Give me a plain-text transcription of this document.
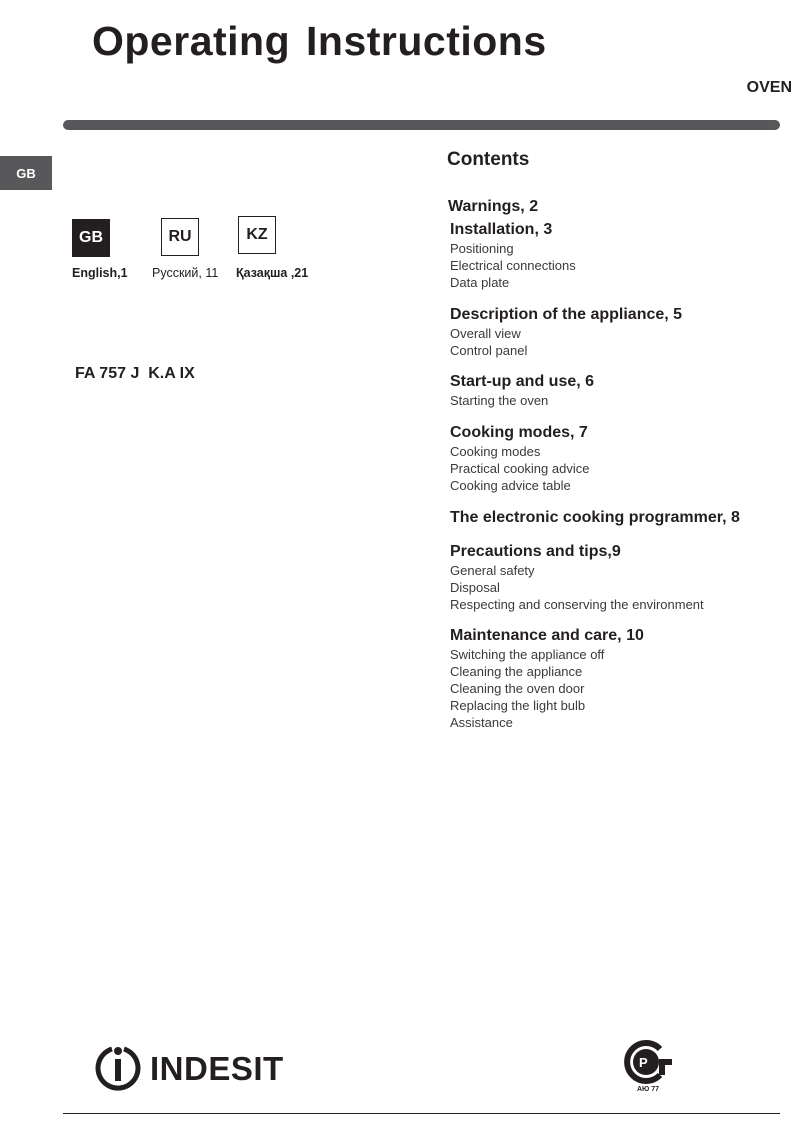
Operating Instructions
OVEN
GB
GB	RU	KZ
English,1 Русский, 11 Қазақша ,21
FA 757 J  K.A IX
Contents
Warnings, 2
Installation, 3
Positioning
Electrical connections
Data plate
Description of the appliance, 5
Overall view
Control panel
Start-up and use, 6
Starting the oven
Cooking modes, 7
Cooking modes
Practical cooking advice
Cooking advice table
The electronic cooking programmer, 8
Precautions and tips,9
General safety
Disposal
Respecting and conserving the environment
Maintenance and care, 10
Switching the appliance off
Cleaning the appliance
Cleaning the oven door
Replacing the light bulb
Assistance
INDESIT	P
АЮ 77
